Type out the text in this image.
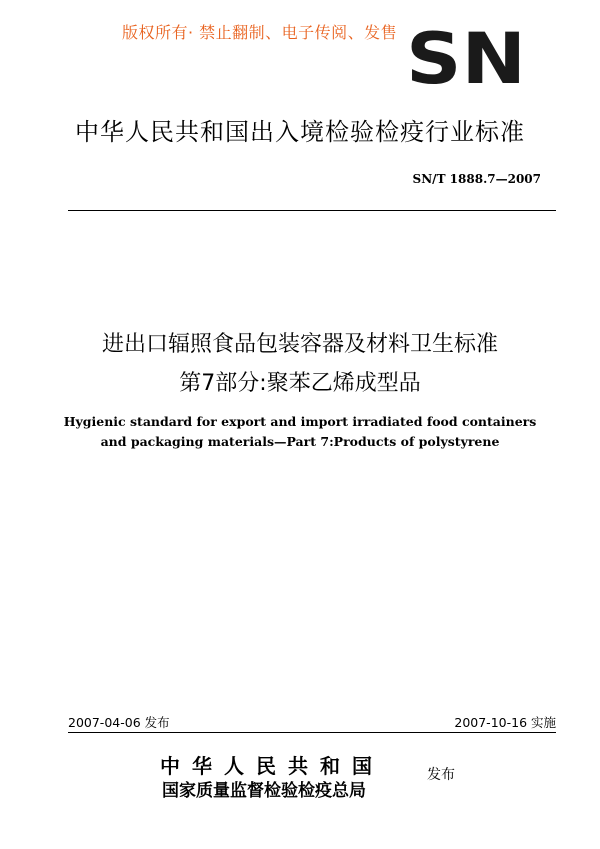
版权所有· 禁止翻制、电子传阅、发售 SN
中华人民共和国出入境检验检疫行业标准
SN/T 1888.7—2007
进出口辐照食品包装容器及材料卫生标准
第7部分:聚苯乙烯成型品
Hygienic standard for export and import irradiated food containers
and packaging materials—Part 7:Products of polystyrene
2007-04-06 发布	2007-10-16 实施
中华人民共和国
国家质量监督检验检疫总局
发布
